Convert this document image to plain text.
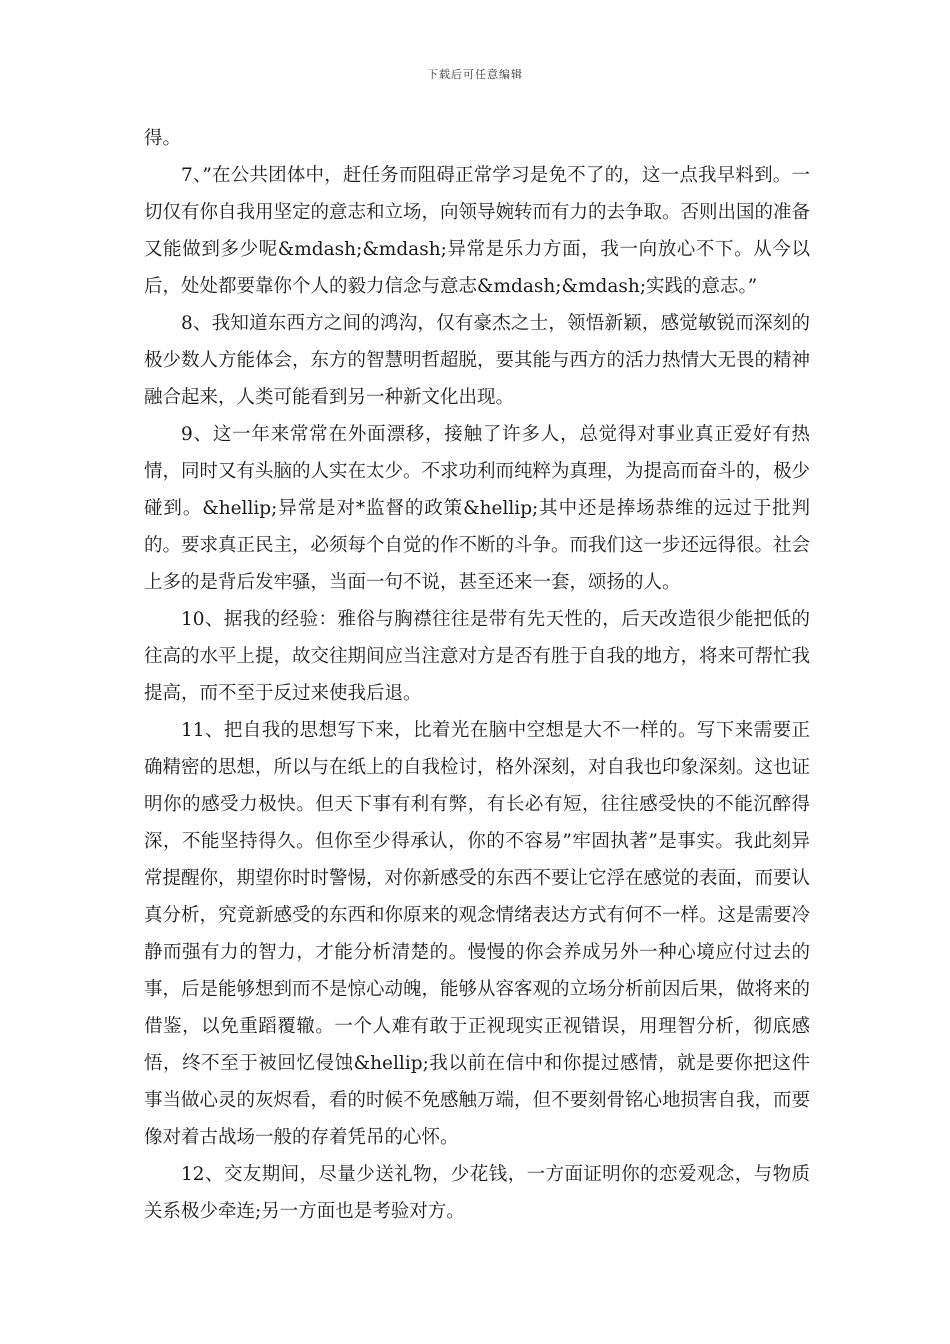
下载后可任意编辑

得。

7、”在公共团体中，赶任务而阻碍正常学习是免不了的，这一点我早料到。一切仅有你自我用坚定的意志和立场，向领导婉转而有力的去争取。否则出国的准备又能做到多少呢&mdash;&mdash;异常是乐力方面，我一向放心不下。从今以后，处处都要靠你个人的毅力信念与意志&mdash;&mdash;实践的意志。”

8、我知道东西方之间的鸿沟，仅有豪杰之士，领悟新颖，感觉敏锐而深刻的极少数人方能体会，东方的智慧明哲超脱，要其能与西方的活力热情大无畏的精神融合起来，人类可能看到另一种新文化出现。

9、这一年来常常在外面漂移，接触了许多人，总觉得对事业真正爱好有热情，同时又有头脑的人实在太少。不求功利而纯粹为真理，为提高而奋斗的，极少碰到。&hellip;异常是对*监督的政策&hellip;其中还是捧场恭维的远过于批判的。要求真正民主，必须每个自觉的作不断的斗争。而我们这一步还远得很。社会上多的是背后发牢骚，当面一句不说，甚至还来一套，颂扬的人。

10、据我的经验：雅俗与胸襟往往是带有先天性的，后天改造很少能把低的往高的水平上提，故交往期间应当注意对方是否有胜于自我的地方，将来可帮忙我提高，而不至于反过来使我后退。

11、把自我的思想写下来，比着光在脑中空想是大不一样的。写下来需要正确精密的思想，所以与在纸上的自我检讨，格外深刻，对自我也印象深刻。这也证明你的感受力极快。但天下事有利有弊，有长必有短，往往感受快的不能沉醉得深，不能坚持得久。但你至少得承认，你的不容易”牢固执著”是事实。我此刻异常提醒你，期望你时时警惕，对你新感受的东西不要让它浮在感觉的表面，而要认真分析，究竟新感受的东西和你原来的观念情绪表达方式有何不一样。这是需要冷静而强有力的智力，才能分析清楚的。慢慢的你会养成另外一种心境应付过去的事，后是能够想到而不是惊心动魄，能够从容客观的立场分析前因后果，做将来的借鉴，以免重蹈覆辙。一个人难有敢于正视现实正视错误，用理智分析，彻底感悟，终不至于被回忆侵蚀&hellip;我以前在信中和你提过感情，就是要你把这件事当做心灵的灰烬看，看的时候不免感触万端，但不要刻骨铭心地损害自我，而要像对着古战场一般的存着凭吊的心怀。

12、交友期间，尽量少送礼物，少花钱，一方面证明你的恋爱观念，与物质关系极少牵连;另一方面也是考验对方。
